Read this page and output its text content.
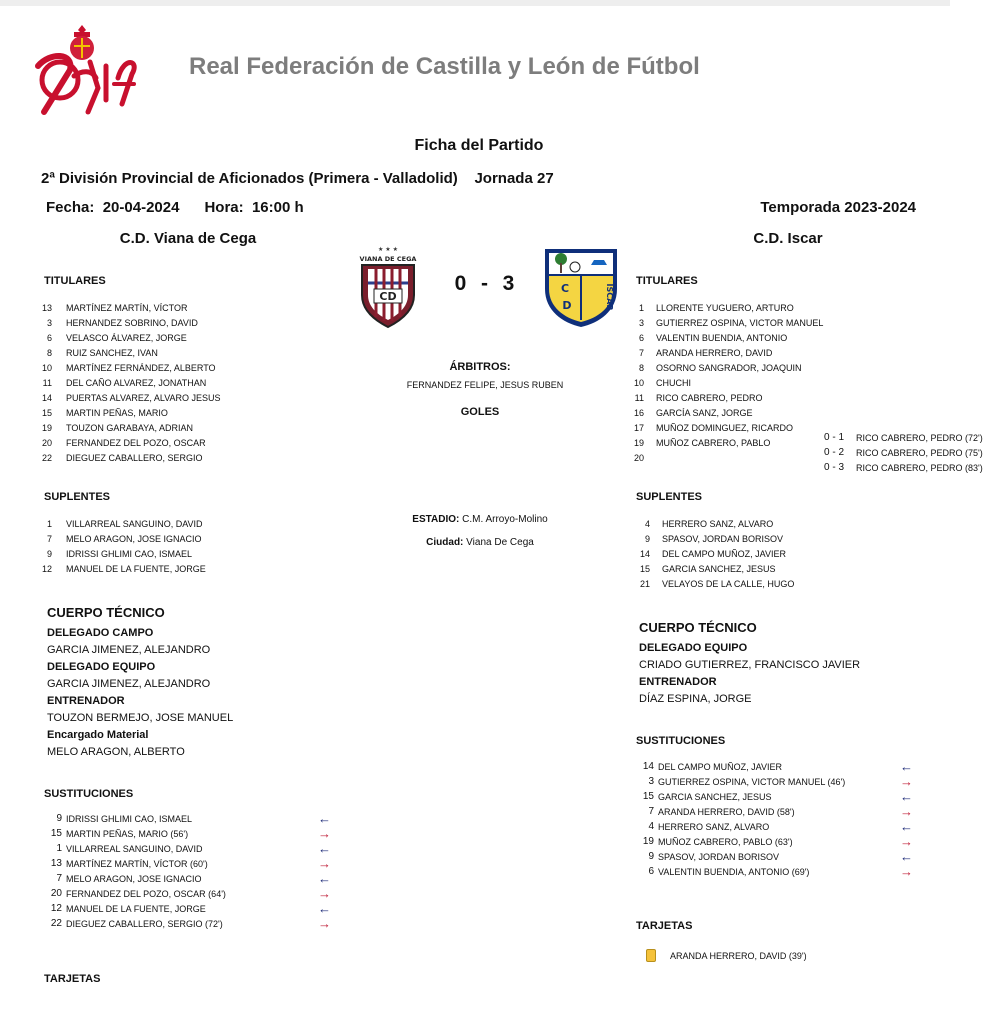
Real Federación de Castilla y León de Fútbol
Ficha del Partido
2ª División Provincial de Aficionados (Primera - Valladolid) Jornada 27
Fecha: 20-04-2024 Hora: 16:00 h	Temporada 2023-2024
C.D. Viana de Cega	C.D. Iscar
★ ★ ★
VIANA DE CEGA
CD
0 - 3	C
D	ISCAR
TITULARES
13 MARTÍNEZ MARTÍN, VÍCTOR
3 HERNANDEZ SOBRINO, DAVID
6 VELASCO ÁLVAREZ, JORGE
8 RUIZ SANCHEZ, IVAN
10 MARTÍNEZ FERNÁNDEZ, ALBERTO
11 DEL CAÑO ALVAREZ, JONATHAN
14 PUERTAS ALVAREZ, ALVARO JESUS
15 MARTIN PEÑAS, MARIO
19 TOUZON GARABAYA, ADRIAN
20 FERNANDEZ DEL POZO, OSCAR
22 DIEGUEZ CABALLERO, SERGIO
SUPLENTES
1 VILLARREAL SANGUINO, DAVID
7 MELO ARAGON, JOSE IGNACIO
9 IDRISSI GHLIMI CAO, ISMAEL
12 MANUEL DE LA FUENTE, JORGE
CUERPO TÉCNICO
DELEGADO CAMPO
GARCIA JIMENEZ, ALEJANDRO
DELEGADO EQUIPO
GARCIA JIMENEZ, ALEJANDRO
ENTRENADOR
TOUZON BERMEJO, JOSE MANUEL
Encargado Material
MELO ARAGON, ALBERTO
SUSTITUCIONES
9 IDRISSI GHLIMI CAO, ISMAEL	←
15 MARTIN PEÑAS, MARIO (56')	→
1 VILLARREAL SANGUINO, DAVID	←
13 MARTÍNEZ MARTÍN, VÍCTOR (60')	→
7 MELO ARAGON, JOSE IGNACIO	←
20 FERNANDEZ DEL POZO, OSCAR (64')	→
12 MANUEL DE LA FUENTE, JORGE	←
22 DIEGUEZ CABALLERO, SERGIO (72')	→
TARJETAS
ÁRBITROS:
FERNANDEZ FELIPE, JESUS RUBEN
GOLES
0 - 1	RICO CABRERO, PEDRO (72')
0 - 2	RICO CABRERO, PEDRO (75')
0 - 3	RICO CABRERO, PEDRO (83')
ESTADIO: C.M. Arroyo-Molino
Ciudad: Viana De Cega
TITULARES
1 LLORENTE YUGUERO, ARTURO
3 GUTIERREZ OSPINA, VICTOR MANUEL
6 VALENTIN BUENDIA, ANTONIO
7 ARANDA HERRERO, DAVID
8 OSORNO SANGRADOR, JOAQUIN
10 CHUCHI
11 RICO CABRERO, PEDRO
16 GARCÍA SANZ, JORGE
17 MUÑOZ DOMINGUEZ, RICARDO
19 MUÑOZ CABRERO, PABLO
20
SUPLENTES
4 HERRERO SANZ, ALVARO
9 SPASOV, JORDAN BORISOV
14 DEL CAMPO MUÑOZ, JAVIER
15 GARCIA SANCHEZ, JESUS
21 VELAYOS DE LA CALLE, HUGO
CUERPO TÉCNICO
DELEGADO EQUIPO
CRIADO GUTIERREZ, FRANCISCO JAVIER
ENTRENADOR
DÍAZ ESPINA, JORGE
SUSTITUCIONES
14 DEL CAMPO MUÑOZ, JAVIER	←
3 GUTIERREZ OSPINA, VICTOR MANUEL (46')	→
15 GARCIA SANCHEZ, JESUS	←
7 ARANDA HERRERO, DAVID (58')	→
4 HERRERO SANZ, ALVARO	←
19 MUÑOZ CABRERO, PABLO (63')	→
9 SPASOV, JORDAN BORISOV	←
6 VALENTIN BUENDIA, ANTONIO (69')	→
TARJETAS
ARANDA HERRERO, DAVID (39')
